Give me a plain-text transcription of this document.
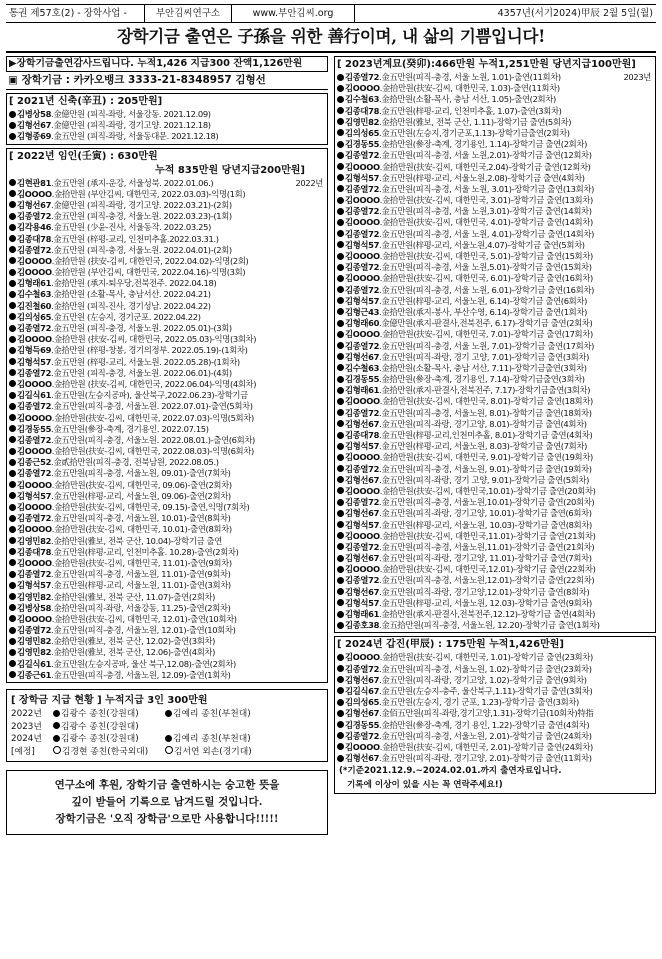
통권 제57호(2) - 장학사업 -	부안김씨연구소	www.부안김씨.org	4357년(서기2024)甲辰 2월 5일(월)
장학기금 출연은 子孫을 위한 善行이며, 내 삶의 기쁨입니다!
▶장학기금출연감사드립니다. 누적1,426 지급300 잔액1,126만원
▣ 장학기금 : 카카오뱅크 3333-21-8348957 김형선
[ 2021년 신축(辛丑) : 205만원]
김병상58.金億만원 (피직-좌랑, 서울강동. 2021.12.09)
김형선67.金億만원 (피직-좌랑, 경기고양. 2021.12.18)
김형종69.金五만원 (피직-좌랑, 서울동대문. 2021.12.18)
[ 2022년 임인(壬寅) : 630만원
누적 835만원 당년지급200만원]
김현관81.金五만원 (承지-운강, 서울성북. 2022.01.06.)	2022년
김OOOO.金拾만원 (부안김씨, 대한민국, 2022.03.03)-익명(1회)
김형선67.金億만원 (피직-좌랑, 경기고양. 2022.03.21)-(2회)
김종열72.金五만원 (피직-충경, 서울노원. 2022.03.23)-(1회)
김각용46.金五만원 (少윤-진사, 서울동작. 2022.03.25)
김종대78.金五만원 (梓평-교리, 인천미추홀.2022.03.31.)
김종열72.金五만원 (피직-충경, 서울노원. 2022.04.01)-(2회)
김OOOO.金拾만원 (扶安-김씨, 대한민국, 2022.04.02)-익명(2회)
김OOOO.金拾만원 (부안김씨, 대한민국, 2022.04.16)-익명(3회)
김형래61.金拾만원 (承지-퇴우당,전북전주. 2022.04.18)
김수철63.金拾만원 (소활-목사, 충남서산. 2022.04.21)
김진철60.金拾만원 (피직-진사, 경기성남. 2022.04.22)
김의성65.金五만원 (左승지, 경기군포. 2022.04.22)
김종열72.金五만원 (피직-충경, 서울노원. 2022.05.01)-(3회)
김OOOO.金拾만원 (扶安-김씨, 대한민국, 2022.05.03)-익명(3회차)
김형득69.金拾만원 (梓평-창봉, 경기의정부. 2022.05.19)-(1회차)
김형석57.金五만원 (梓평-교리, 서울노원. 2022.05.28)-(1회차)
김종열72.金五만원 (피직-충경, 서울노원. 2022.06.01)-(4회)
김OOOO.金拾만원 (扶安-김씨, 대한민국, 2022.06.04)-익명(4회차)
김길식61.金五만원(左승지공파), 울산북구,2022.06.23)-장학기금
김종열72.金五만원(피직-충경, 서울노원. 2022.07.01)-출연(5회차)
김OOOO.金拾만원(扶安-김씨, 대한민국, 2022.07.03)-익명(5회차)
김경동55.金五만원(參장-축계, 경기용인. 2022.07.15)
김종열72.金五만원(피직-충경, 서울노원. 2022.08.01.)-출연(6회차)
김OOOO.金拾만원(扶安-김씨, 대한민국, 2022.08.03)-익명(6회차)
김종근52.金貳拾만원(피직-충경, 전북남원, 2022.08.05.)
김종열72.金五만원(피직-충경, 서울노원, 09.01)-출연(7회차)
김OOOO.金拾만원(扶安-김씨, 대한민국, 09.06)-출연(2회차)
김형석57.金五만원(梓평-교리, 서울노원, 09.06)-출연(2회차)
김OOOO.金拾만원(扶安-김씨, 대한민국, 09.15)-출연,익명(7회차)
김종열72.金五만원(피직-충경, 서울노원, 10.01)-출연(8회차)
김OOOO.金拾만원(扶安-김씨, 대한민국, 10.01)-출연(8회차)
김영민82.金拾만원(雅보, 전북 군산, 10.04)-장학기금 출연
김종대78.金五만원(梓평-교리, 인천미추홀. 10.28)-출연(2회차)
김OOOO.金拾만원(扶安-김씨, 대한민국, 11.01)-출연(9회차)
김종열72.金五만원(피직-충경, 서울노원, 11.01)-출연(9회차)
김형석57.金五만원(梓평-교리, 서울노원, 11.01)-출연(3회차)
김영민82.金拾만원(雅보, 전북 군산, 11.07)-출연(2회차)
김병상58.金拾만원(피직-좌랑, 서울강동, 11.25)-출연(2회차)
김OOOO.金拾만원(扶安-김씨, 대한민국, 12.01)-출연(10회차)
김종열72.金五만원(피직-충경, 서울노원, 12.01)-출연(10회차)
김영민82.金拾만원(雅보, 전북 군산, 12.02)-출연(3회차)
김영민82.金拾만원(雅보, 전북 군산, 12.06)-출연(4회차)
김길식61.金五만원(左승지공파, 울산 북구,12.08)-출연(2회차)
김종근61.金五만원(피직-충경, 서울노원, 12.09)-출연(1회차)
[ 장학금 지급 현황 ] 누적지급 3인 300만원
2022년 김광수 종친(강원대)	김예리 종친(부천대)
2023년 김광수 종친(강원대)
2024년 김광수 종친(강원대)	김예리 종친(부천대)
[예정]	김경현 종친(한국외대)	김서연 외손(경기대)
연구소에 후원, 장학기금 출연하시는 숭고한 뜻을
깊이 받들어 기록으로 남겨드릴 것입니다.
장학기금은 '오직 장학금'으로만 사용합니다!!!!!
[ 2023년계묘(癸卯):466만원 누적1,251만원 당년지급100만원]
김종열72.金五만원(피직-충경, 서울 노원, 1.01)-출연(11회차)	2023년
김OOOO.金拾만원(扶安-김씨, 대한민국, 1.03)-출연(11회차)
김수철63.金拾만원(소활-목사, 충남 서산, 1.05)-출연(2회차)
김종대78.金五만원(梓평-교리, 인천미추홀, 1.07)-출연(3회차)
김영민82.金拾만원(雅보, 전북 군산, 1.11)-장학기금 출연(5회차)
김의성65.金五만원(左승지,경기군포,1.13)-장학기금출연(2회차)
김경동55.金拾만원(參장-축계, 경기용인, 1.14)-장학기금 출연(2회차)
김종열72.金五만원(피직-충경, 서울 노원,2.01)-장학기금 출연(12회차)
김OOOO.金拾만원(扶安-김씨, 대한민국,2.04)-장학기금 출연(12회차)
김형석57.金五만원(梓평-교리, 서울노원,2.08)-장학기금 출연(4회차)
김종열72.金五만원(피직-충경, 서울 노원, 3.01)-장학기금 출연(13회차)
김OOOO.金拾만원(扶安-김씨, 대한민국, 3.01)-장학기금 출연(13회차)
김종열72.金五만원(피직-충경, 서울 노원,3.01)-장학기금 출연(14회차)
김OOOO.金拾만원(扶安-김씨, 대한민국, 4.01)-장학기금 출연(14회차)
김종열72.金五만원(피직-충경, 서울 노원, 4.01)-장학기금 출연(14회차)
김형석57.金五만원(梓평-교리, 서울노원,4.07)-장학기금 출연(5회차)
김OOOO.金拾만원(扶安-김씨, 대한민국, 5.01)-장학기금 출연(15회차)
김종열72.金五만원(피직-충경, 서울 노원,5.01)-장학기금 출연(15회차)
김OOOO.金拾만원(扶安-김씨, 대한민국, 6.01)-장학기금 출연(16회차)
김종열72.金五만원(피직-충경, 서울 노원, 6.01)-장학기금 출연(16회차)
김형석57.金五만원(梓평-교리, 서울노원, 6.14)-장학기금 출연(6회차)
김형근43.金拾만원(承지-봉사, 부산수영, 6.14)-장학기금 출연(1회차)
김형래60.金億만원(承지-판결사,전북전주, 6.17)-장학기금 출연(2회차)
김OOOO.金拾만원(扶安-김씨, 대한민국, 7.01)-장학기금 출연(17회차)
김종열72.金五만원(피직-충경, 서울 노원, 7.01)-장학기금 출연(17회차)
김형선67.金五만원(피직-좌랑, 경기 고양, 7.01)-장학기금 출연(3회차)
김수철63.金拾만원(소활-목사, 충남 서산, 7.11)-장학기금출연(3회차)
김경동55.金拾만원(參장-축계, 경기용인, 7.14)-장학기금출연(3회차)
김형래61.金拾만원(承지-판결사,전북전주, 7.17)-장학기금출연(3회차)
김OOOO.金拾만원(扶安-김씨, 대한민국, 8.01)-장학기금 출연(18회차)
김종열72.金五만원(피직-충경, 서울노원, 8.01)-장학기금 출연(18회차)
김형선67.金五만원(피직-좌랑, 경기고양, 8.01)-장학기금 출연(4회차)
김종대78.金五만원(梓평-교리,인천미추홀, 8.01)-장학기금 출연(4회차)
김형석57.金五만원(梓평-교리, 서울노원, 8.03)-장학기금 출연(7회차)
김OOOO.金拾만원(扶安-김씨, 대한민국, 9.01)-장학기금 출연(19회차)
김종열72.金五만원(피직-충경, 서울노원, 9.01)-장학기금 출연(19회차)
김형선67.金五만원(피직-좌랑, 경기 고양, 9.01)-장학기금 출연(5회차)
김OOOO.金拾만원(扶安-김씨, 대한민국,10.01)-장학기금 출연(20회차)
김종열72.金五만원(피직-충경, 서울노원,10.01)-장학기금 출연(20회차)
김형선67.金五만원(피직-좌랑, 경기고양, 10.01)-장학기금 출연(6회차)
김형석57.金五만원(梓평-교리, 서울노원, 10.03)-장학기금 출연(8회차)
김OOOO.金拾만원(扶安-김씨, 대한민국,11.01)-장학기금 출연(21회차)
김종열72.金五만원(피직-충경, 서울노원,11.01)-장학기금 출연(21회차)
김형선67.金五만원(피직-좌랑, 경기고양, 11.01)-장학기금 출연(7회차)
김OOOO.金拾만원(扶安-김씨, 대한민국,12.01)-장학기금 출연(22회차)
김종열72.金五만원(피직-충경, 서울노원,12.01)-장학기금 출연(22회차)
김형선67.金五만원(피직-좌랑, 경기고양,12.01)-장학기금 출연(8회차)
김형석57.金五만원(梓평-교리, 서울노원, 12.03)-장학기금 출연(9회차)
김형래61.金拾만원(承지-판결사,전북전주,12.12)-장학기금 출연(4회차)
김종호38.金五拾만원(피직-충경, 서울노원, 12.20)-장학기금 출연(1회차)
[ 2024년 갑진(甲辰) : 175만원 누적1,426만원]
김OOOO.金拾만원(扶安-김씨, 대한민국, 1.01)-장학기금 출연(23회차)
김종열72.金五만원(피직-충경, 서울노원, 1.02)-장학기금 출연(23회차)
김형선67.金五만원(피직-좌랑, 경기고양, 1.02)-장학기금 출연(9회차)
김길식67.金五만원(左승지-충주, 울산북구,1.11)-장학기금 출연(3회차)
김의성65.金五만원(左승지, 경기 군포, 1.23)-장학기금 출연(3회차)
김형선67.金佰五만원(피직-좌랑,경기고양,1.31)-장학기금(10회차)特指
김경동55.金拾만원(參장-축계, 경기 용인, 1.22)-장학기금 출연(4회차)
김종열72.金五만원(피직-충경, 서울노원, 2.01)-장학기금 출연(24회차)
김OOOO.金拾만원(扶安-김씨, 대한민국, 2.01)-장학기금 출연(24회차)
김형선67.金五만원(피직-좌랑, 경기고양, 2.01)-장학기금 출연(11회차)
(*기준2021.12.9.~2024.02.01.까지 출연자료입니다.
기록에 이상이 있을 시는 꼭 연락주세요!)
